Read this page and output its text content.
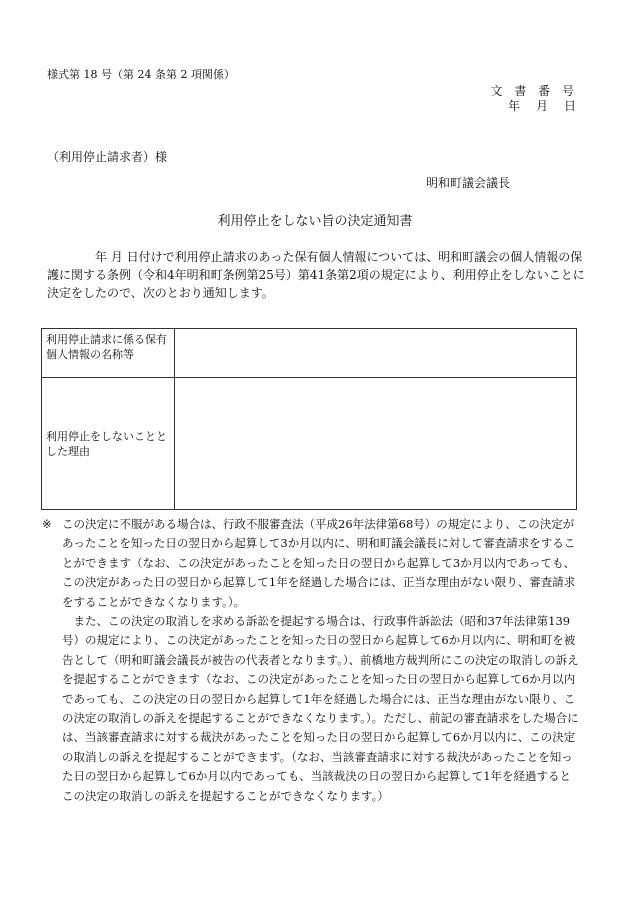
様式第 18 号（第 24 条第 2 項関係）
文 書 番 号
年　月　日
（利用停止請求者）様
明和町議会議長
利用停止をしない旨の決定通知書

年 月 日付けで利用停止請求のあった保有個人情報については、明和町議会の個人情報の保護に関する条例（令和4年明和町条例第25号）第41条第2項の規定により、利用停止をしないことに決定をしたので、次のとおり通知します。

利用停止請求に係る保有個人情報の名称等	
利用停止をしないこととした理由	

※ この決定に不服がある場合は、行政不服審査法（平成26年法律第68号）の規定により、この決定があったことを知った日の翌日から起算して3か月以内に、明和町議会議長に対して審査請求をすることができます（なお、この決定があったことを知った日の翌日から起算して3か月以内であっても、この決定があった日の翌日から起算して1年を経過した場合には、正当な理由がない限り、審査請求をすることができなくなります。）。

また、この決定の取消しを求める訴訟を提起する場合は、行政事件訴訟法（昭和37年法律第139号）の規定により、この決定があったことを知った日の翌日から起算して6か月以内に、明和町を被告として（明和町議会議長が被告の代表者となります。）、前橋地方裁判所にこの決定の取消しの訴えを提起することができます（なお、この決定があったことを知った日の翌日から起算して6か月以内であっても、この決定の日の翌日から起算して1年を経過した場合には、正当な理由がない限り、この決定の取消しの訴えを提起することができなくなります。）。ただし、前記の審査請求をした場合には、当該審査請求に対する裁決があったことを知った日の翌日から起算して6か月以内に、この決定の取消しの訴えを提起することができます。（なお、当該審査請求に対する裁決があったことを知った日の翌日から起算して6か月以内であっても、当該裁決の日の翌日から起算して1年を経過するとこの決定の取消しの訴えを提起することができなくなります。）
